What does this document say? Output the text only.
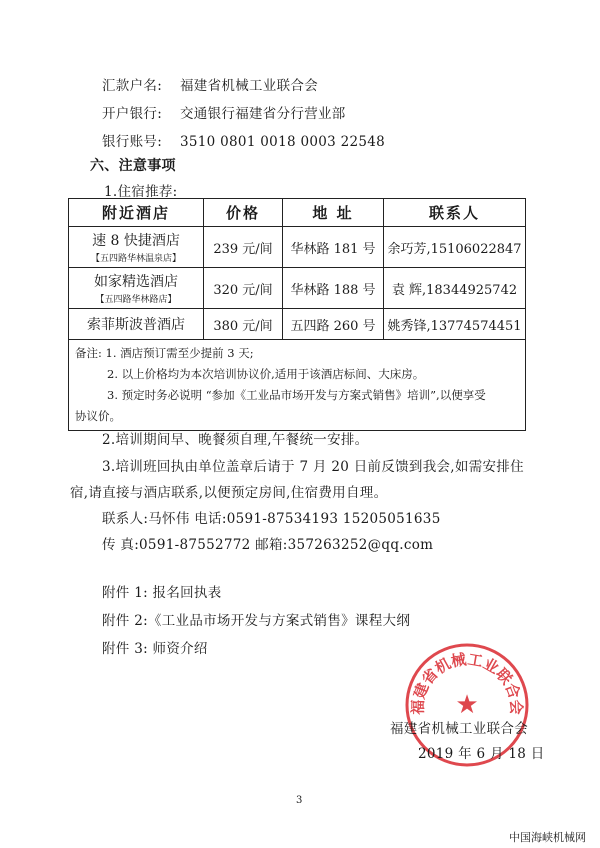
汇款户名: 福建省机械工业联合会
开户银行: 交通银行福建省分行营业部
银行账号: 3510 0801 0018 0003 22548
六、注意事项
1.住宿推荐:
附近酒店	价格	地 址	联系人

速 8 快捷酒店
【五四路华林温泉店】	239 元/间	华林路 181 号	余巧芳,15106022847

如家精选酒店
【五四路华林路店】	320 元/间	华林路 188 号	袁 辉,18344925742

索菲斯波普酒店	380 元/间	五四路 260 号	姚秀锋,13774574451

备注: 1. 酒店预订需至少提前 3 天;
2. 以上价格均为本次培训协议价,适用于该酒店标间、大床房。
3. 预定时务必说明 “参加《工业品市场开发与方案式销售》培训”,以便享受
协议价。			
2.培训期间早、晚餐须自理,午餐统一安排。
3.培训班回执由单位盖章后请于 7 月 20 日前反馈到我会,如需安排住
宿,请直接与酒店联系,以便预定房间,住宿费用自理。
联系人:马怀伟 电话:0591-87534193 15205051635
传 真:0591-87552772 邮箱:357263252@qq.com
附件 1: 报名回执表
附件 2:《工业品市场开发与方案式销售》课程大纲
附件 3: 师资介绍
福建省机械工业联合会
★
福建省机械工业联合会
2019 年 6 月 18 日
3
中国海峡机械网
